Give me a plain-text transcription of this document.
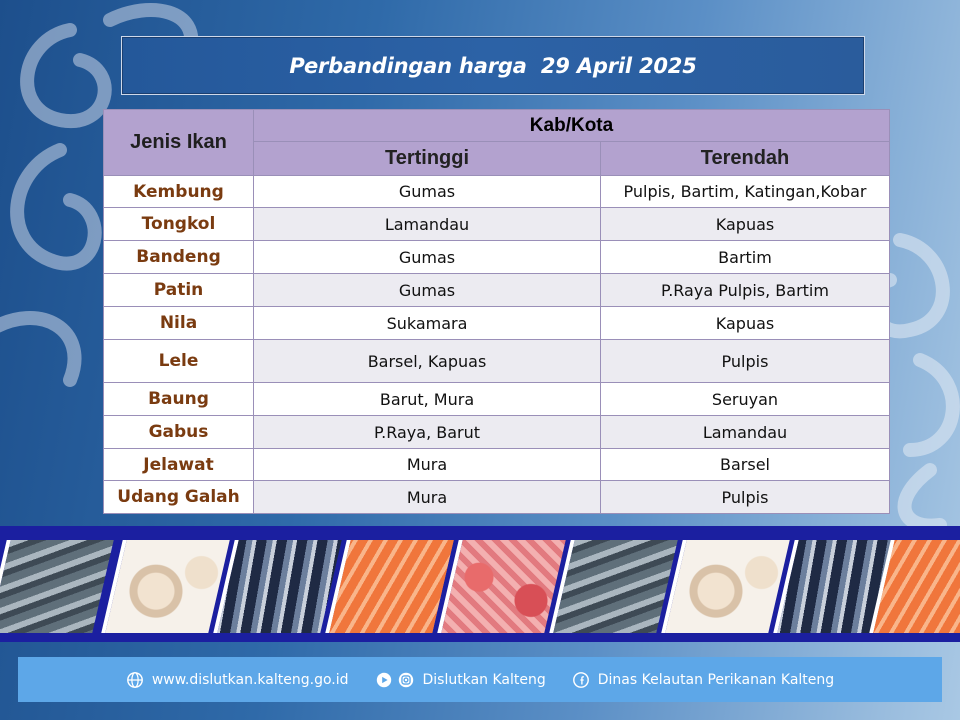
Perbandingan harga  29 April 2025
Jenis Ikan	Kab/Kota	
	Tertinggi	Terendah
Kembung	Gumas	Pulpis, Bartim, Katingan,Kobar
Tongkol	Lamandau	Kapuas
Bandeng	Gumas	Bartim
Patin	Gumas	P.Raya Pulpis, Bartim
Nila	Sukamara	Kapuas
Lele	Barsel, Kapuas	Pulpis
Baung	Barut, Mura	Seruyan
Gabus	P.Raya, Barut	Lamandau
Jelawat	Mura	Barsel
Udang Galah	Mura	Pulpis
www.dislutkan.kalteng.go.id	Dislutkan Kalteng	Dinas Kelautan Perikanan Kalteng
